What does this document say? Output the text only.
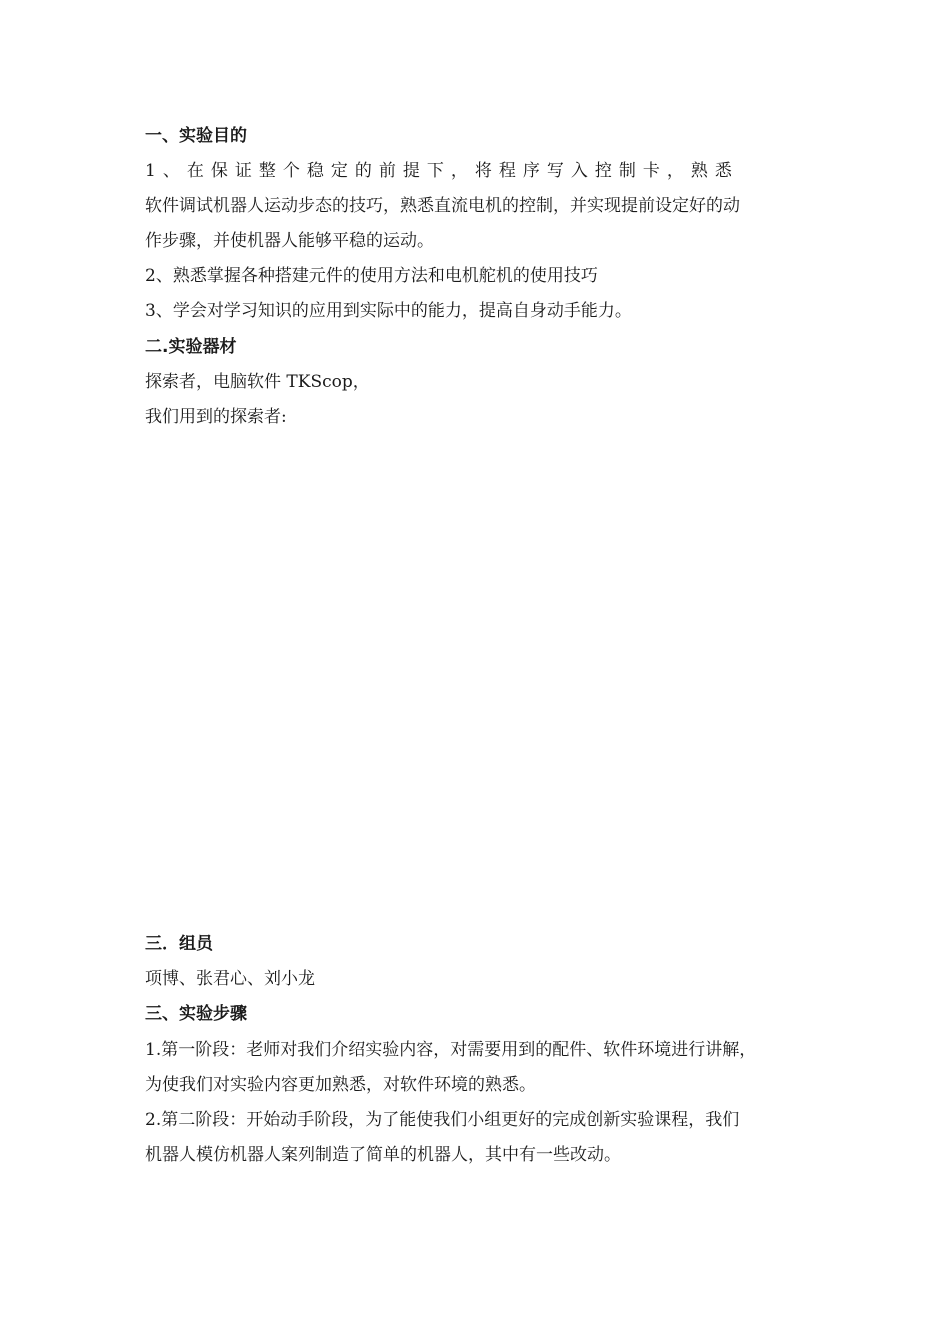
一、实验目的
1、在保证整个稳定的前提下，将程序写入控制卡，熟悉
软件调试机器人运动步态的技巧，熟悉直流电机的控制，并实现提前设定好的动
作步骤，并使机器人能够平稳的运动。
2、熟悉掌握各种搭建元件的使用方法和电机舵机的使用技巧
3、学会对学习知识的应用到实际中的能力，提高自身动手能力。
二.实验器材
探索者，电脑软件 TKScop，
我们用到的探索者:
三．组员
项博、张君心、刘小龙
三、实验步骤
1.第一阶段：老师对我们介绍实验内容，对需要用到的配件、软件环境进行讲解，
为使我们对实验内容更加熟悉，对软件环境的熟悉。
2.第二阶段：开始动手阶段，为了能使我们小组更好的完成创新实验课程，我们
机器人模仿机器人案列制造了简单的机器人，其中有一些改动。
